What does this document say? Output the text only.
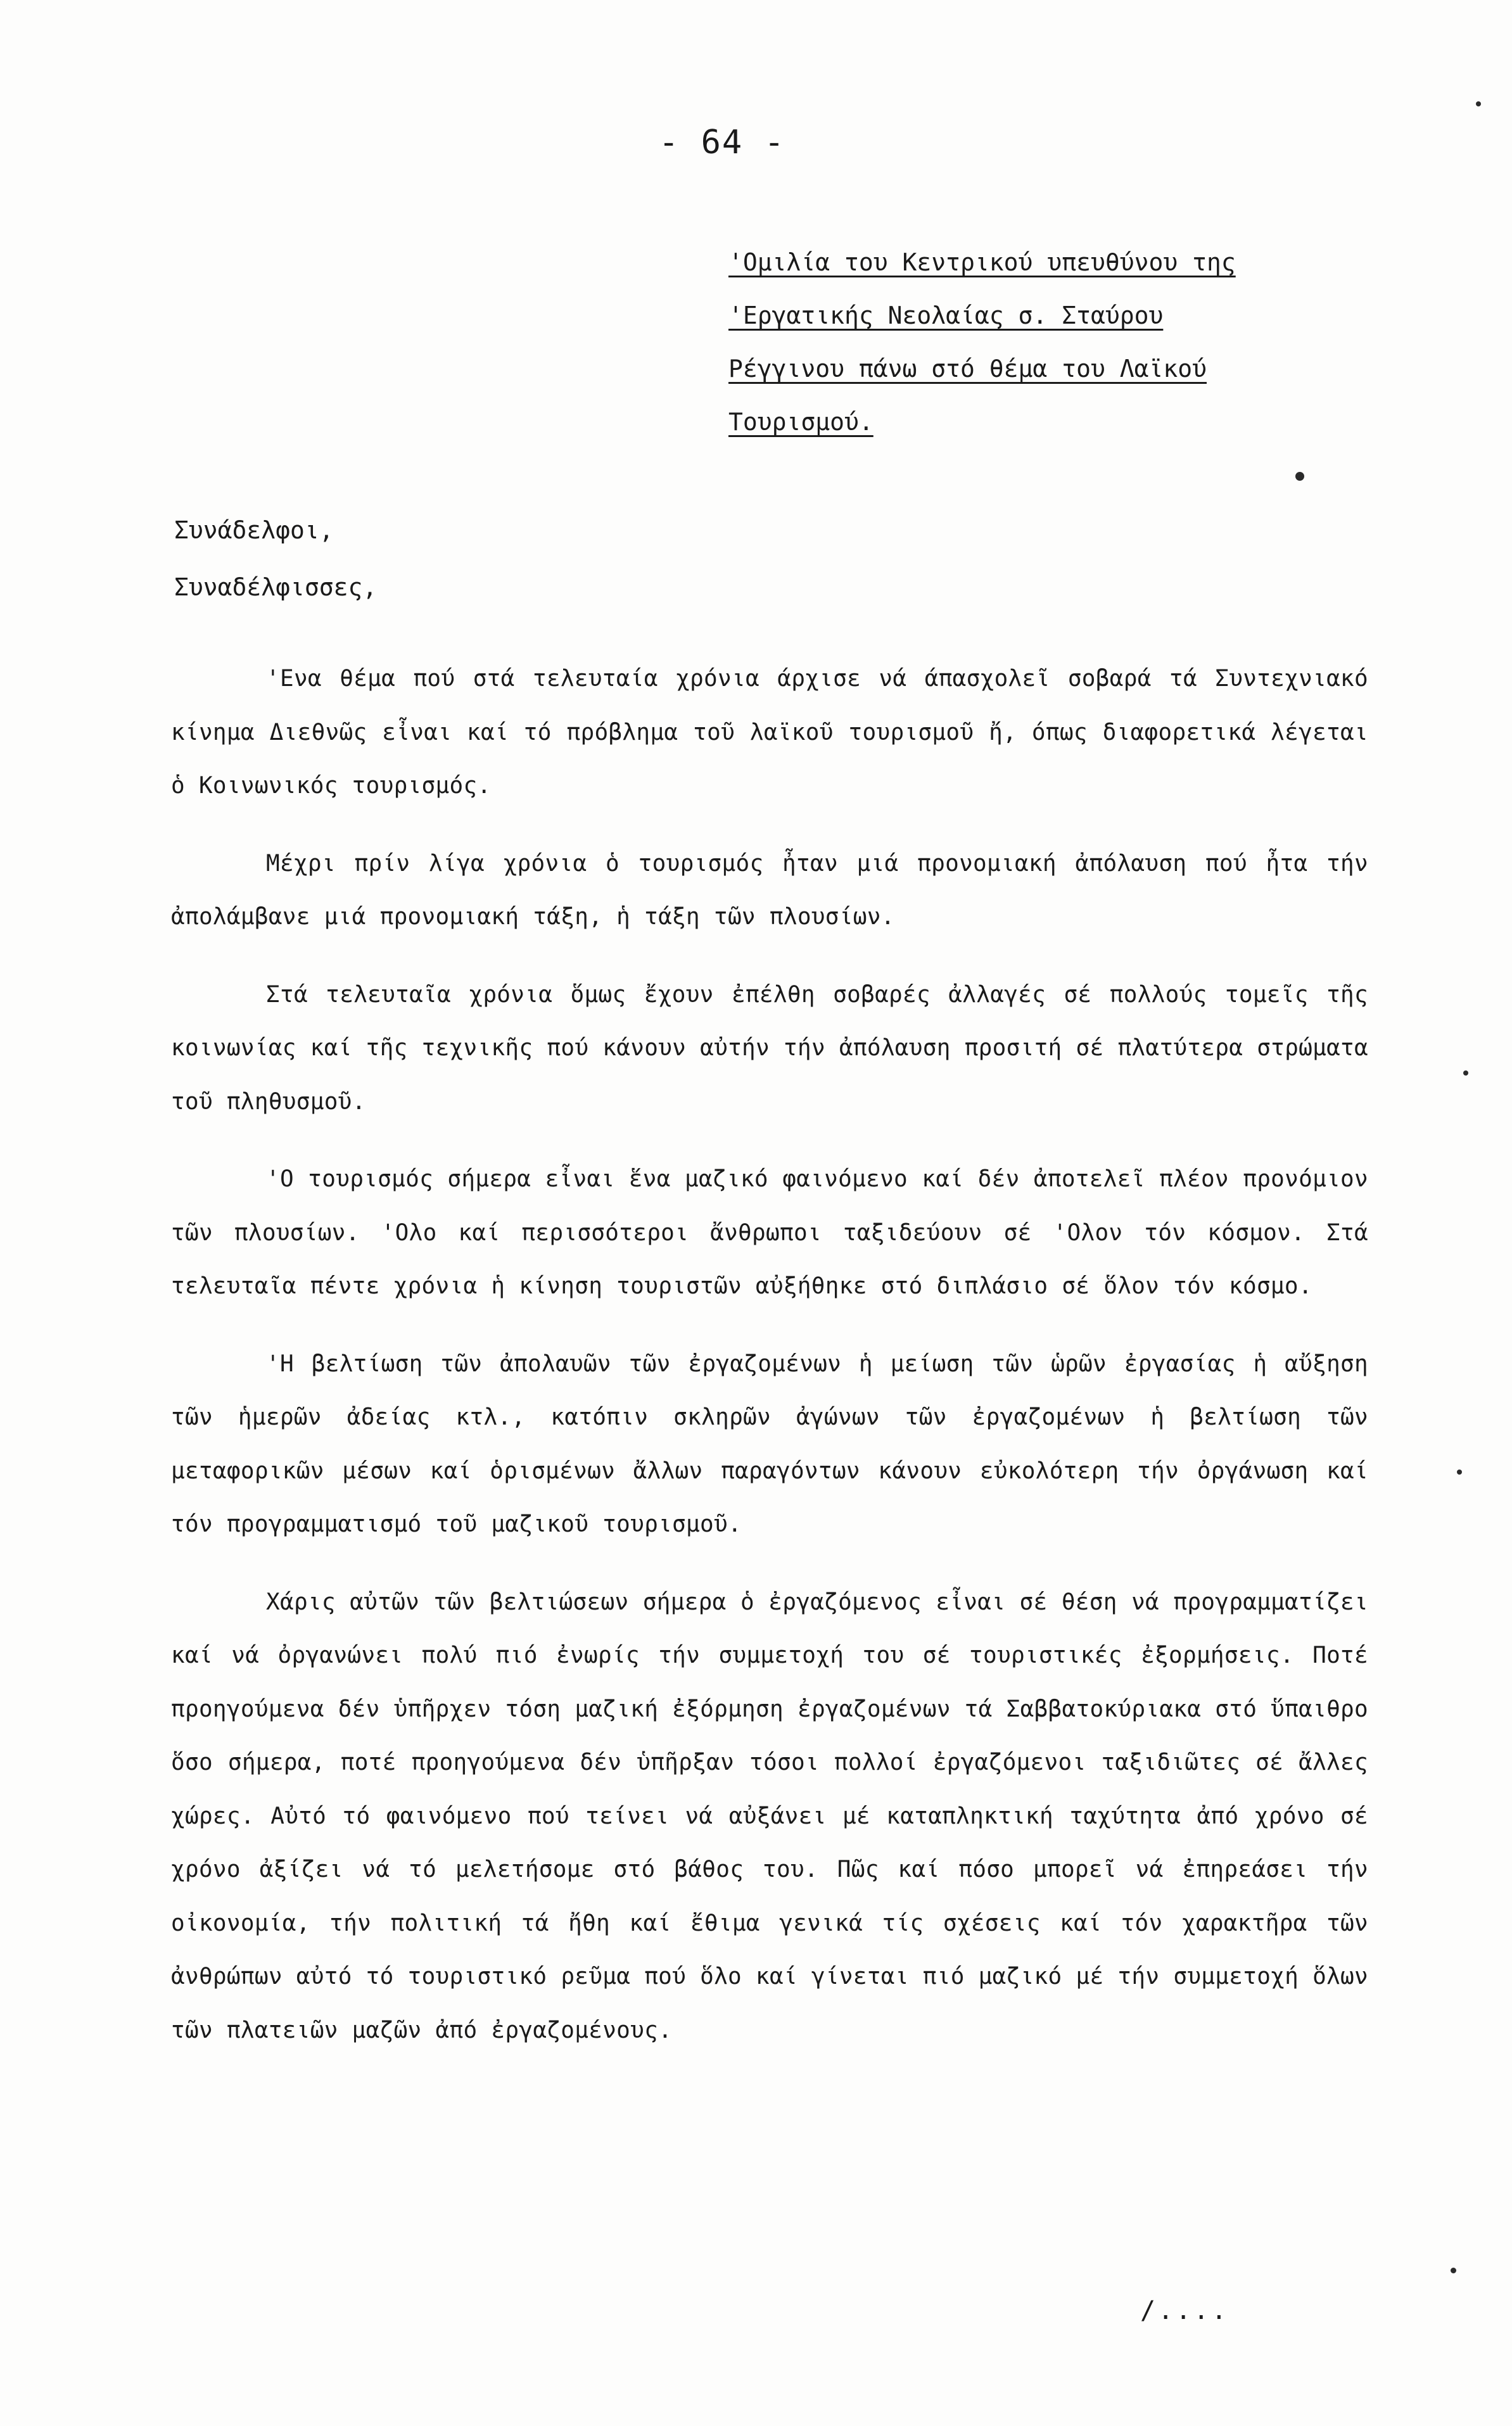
- 64 -
'Ομιλία του Κεντρικού υπευθύνου της
'Εργατικής Νεολαίας σ. Σταύρου
Ρέγγινου πάνω στό θέμα του Λαϊκού
Τουρισμού.
Συνάδελφοι,
Συναδέλφισσες,

'Ενα θέμα πού στά τελευταία χρόνια άρχισε νά άπασχολεῖ σοβαρά τά Συντεχνιακό κίνημα Διεθνῶς εἶναι καί τό πρόβλημα τοῦ λαϊκοῦ τουρισμοῦ ἤ, όπως διαφορετικά λέγεται ὁ Κοινωνικός τουρισμός.

Μέχρι πρίν λίγα χρόνια ὁ τουρισμός ἦταν μιά προνομιακή ἀπόλαυση πού ἦτα τήν ἀπολάμβανε μιά προνομιακή τάξη, ἡ τάξη τῶν πλουσίων.

Στά τελευταῖα χρόνια ὅμως ἔχουν ἐπέλθη σοβαρές ἀλλαγές σέ πολλούς τομεῖς τῆς κοινωνίας καί τῆς τεχνικῆς πού κάνουν αὐτήν τήν ἀπόλαυση προσιτή σέ πλατύτερα στρώματα τοῦ πληθυσμοῦ.

'Ο τουρισμός σήμερα εἶναι ἕνα μαζικό φαινόμενο καί δέν ἀποτελεῖ πλέον προνόμιον τῶν πλουσίων. 'Ολο καί περισσότεροι ἄνθρωποι ταξιδεύουν σέ 'Ολον τόν κόσμον. Στά τελευταῖα πέντε χρόνια ἡ κίνηση τουριστῶν αὐξήθηκε στό διπλάσιο σέ ὅλον τόν κόσμο.

'Η βελτίωση τῶν ἀπολαυῶν τῶν ἐργαζομένων ἡ μείωση τῶν ὡρῶν ἐργασίας ἡ αὔξηση τῶν ἡμερῶν ἀδείας κτλ., κατόπιν σκληρῶν ἀγώνων τῶν ἐργαζομένων ἡ βελτίωση τῶν μεταφορικῶν μέσων καί ὁρισμένων ἄλλων παραγόντων κάνουν εὐκολότερη τήν ὀργάνωση καί τόν προγραμματισμό τοῦ μαζικοῦ τουρισμοῦ.

Χάρις αὐτῶν τῶν βελτιώσεων σήμερα ὁ ἐργαζόμενος εἶναι σέ θέση νά προγραμματίζει καί νά ὀργανώνει πολύ πιό ἐνωρίς τήν συμμετοχή του σέ τουριστικές ἐξορμήσεις. Ποτέ προηγούμενα δέν ὑπῆρχεν τόση μαζική ἐξόρμηση ἐργαζομένων τά Σαββατοκύριακα στό ὕπαιθρο ὅσο σήμερα, ποτέ προηγούμενα δέν ὑπῆρξαν τόσοι πολλοί ἐργαζόμενοι ταξιδιῶτες σέ ἄλλες χώρες. Αὐτό τό φαινόμενο πού τείνει νά αὐξάνει μέ καταπληκτική ταχύτητα ἀπό χρόνο σέ χρόνο ἀξίζει νά τό μελετήσομε στό βάθος του. Πῶς καί πόσο μπορεῖ νά ἐπηρεάσει τήν οἰκονομία, τήν πολιτική τά ἤθη καί ἔθιμα γενικά τίς σχέσεις καί τόν χαρακτῆρα τῶν ἀνθρώπων αὐτό τό τουριστικό ρεῦμα πού ὅλο καί γίνεται πιό μαζικό μέ τήν συμμετοχή ὅλων τῶν πλατειῶν μαζῶν ἀπό ἐργαζομένους.

/....
